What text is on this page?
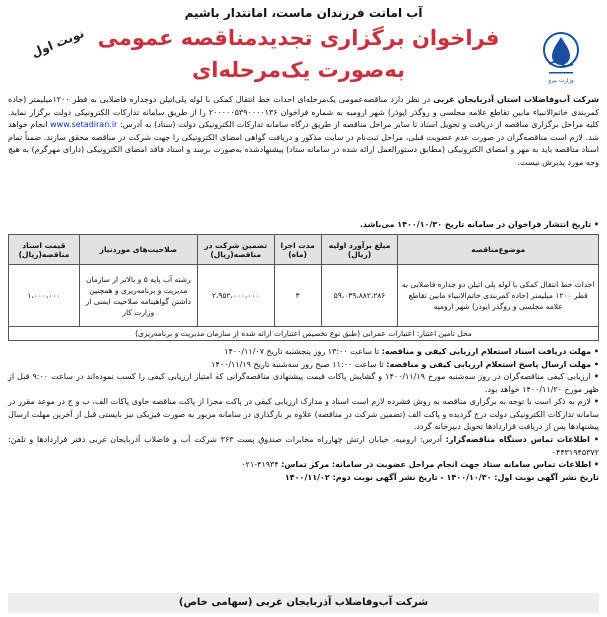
آب امانت فرزندان ماست، امانتدار باشیم
وزارت نیرو
فراخوان برگزاری تجدیدمناقصه عمومی
به‌صورت یک‌مرحله‌ای
نوبت اول
شرکت آب‌وفاضلاب استان آذربایجان غربی در نظر دارد مناقصه‌عمومی یک‌مرحله‌ای احداث خط انتقال کمکی با لوله پلی‌اتیلن دوجداره فاضلابی به قطر ۱۲۰۰میلیمتر (جاده کمربندی خاتم‌الانبیاء مابین تقاطع علامه مجلسی و روگذر اپوذر) شهر ارومیه به شماره فراخوان ۲۰۰۰۰۰۵۳۹۰۰۰۰۱۳۶ را از طریق سامانه تدارکات الکترونیکی دولت برگزار نماید. کلیه مراحل برگزاری مناقصه از دریافت و تحویل اسناد تا سایر مراحل مناقصه از طریق درگاه سامانه تدارکات الکترونیکی دولت (ستاد) به آدرس: www.setadiran.ir انجام خواهد شد. لازم است مناقصه‌گران در صورت عدم عضویت قبلی، مراحل ثبت‌نام در سایت مذکور و دریافت گواهی امضای الکترونیکی را جهت شرکت در مناقصه محقق سازند. ضمناً تمام اسناد مناقصه باید به مهر و امضای الکترونیکی (مطابق دستورالعمل ارائه شده در سامانه ستاد) پیشنهادشده به‌صورت برسد و اسناد فاقد امضای الکترونیکی (دارای مهرگرم) به هیچ وجه مورد پذیرش نیست.
• تاریخ انتشار فراخوان در سامانه تاریخ ۱۴۰۰/۱۰/۳۰ می‌باشد.
موضوع‌مناقصه	مبلغ برآورد اولیه (ریال)	مدت اجرا (ماه)	تضمین شرکت در مناقصه(ریال)	صلاحیت‌های موردنیاز	قیمت اسناد مناقصه(ریال)
احداث خط انتقال کمکی با لوله پلی اتیلن دو جداره فاضلابی به قطر ۱۲۰۰ میلیمتر (جاده کمربندی خاتم‌الانبیاء مابین تقاطع علامه مجلسی و روگذر اپوذر) شهر ارومیه	۵۹،۰۳۹،۸۸۲،۲۸۶	۳	۲،۹۵۲،۰۰۰،۰۰۰	رشته آب پایه ۵ و بالاتر از سازمان مدیریت و برنامه‌ریزی و همچنین داشتن گواهینامه صلاحیت ایمنی از وزارت کار	۱،۰۰۰،۰۰۰
محل تامین اعتبار: اعتبارات عمرانی (طبق نوع تخصیص اعتبارات ارائه شده از سازمان مدیریت و برنامه‌ریزی)					

• مهلت دریافت اسناد استعلام ارزیابی کیفی و مناقصه: تا ساعت ۱۳:۰۰ روز پنجشنبه تاریخ ۱۴۰۰/۱۱/۰۷

• مهلت ارسال پاسخ استعلام ارزیابی کیفی و مناقصه: تا ساعت ۱۱:۰۰ صبح روز سه‌شنبه تاریخ ۱۴۰۰/۱۱/۱۹

• ارزیابی کیفی مناقصه‌گران در روز سه‌شنبه مورخ ۱۴۰۰/۱۱/۱۹ و گشایش پاکات قیمت پیشنهادی مناقصه‌گرانی که امتیاز ارزیابی کیفی را کسب نموده‌اند در ساعت ۹:۰۰ قبل از ظهر مورخ ۱۴۰۰/۱۱/۲۰ خواهد بود.

• لازم به ذکر است با توجه به برگزاری مناقصه به روش فشرده لازم است اسناد و مدارک ارزیابی کیفی در پاکت مجزا از پاکت مناقصه حاوی پاکات الف، ب و ج در موعد مقرر در سامانه تدارکات الکترونیکی دولت درج گردیده و پاکت الف (تضمین شرکت در مناقصه) علاوه بر بارگذاری در سامانه مزبور به صورت فیزیکی نیز بایستی قبل از آخرین مهلت ارسال پیشنهادها پس از دریافت قراردادها تحویل دبیرخانه گردد.

• اطلاعات تماس دستگاه مناقصه‌گزار: آدرس: ارومیه، خیابان ارتش چهارراه مخابرات صندوق پست ۳۶۳ شرکت آب و فاضلاب آذربایجان غربی دفتر قراردادها و تلفن: ۰۴۴۳۱۹۴۵۳۷۲

• اطلاعات تماس سامانه ستاد جهت انجام مراحل عضویت در سامانه: مرکز تماس: ۴۱۹۳۴-۰۲۱

تاریخ نشر آگهی نوبت اول: ۱۴۰۰/۱۰/۳۰ - تاریخ نشر آگهی نوبت دوم: ۱۴۰۰/۱۱/۰۲

شرکت آب‌وفاضلاب آذربایجان غربی (سهامی خاص)
